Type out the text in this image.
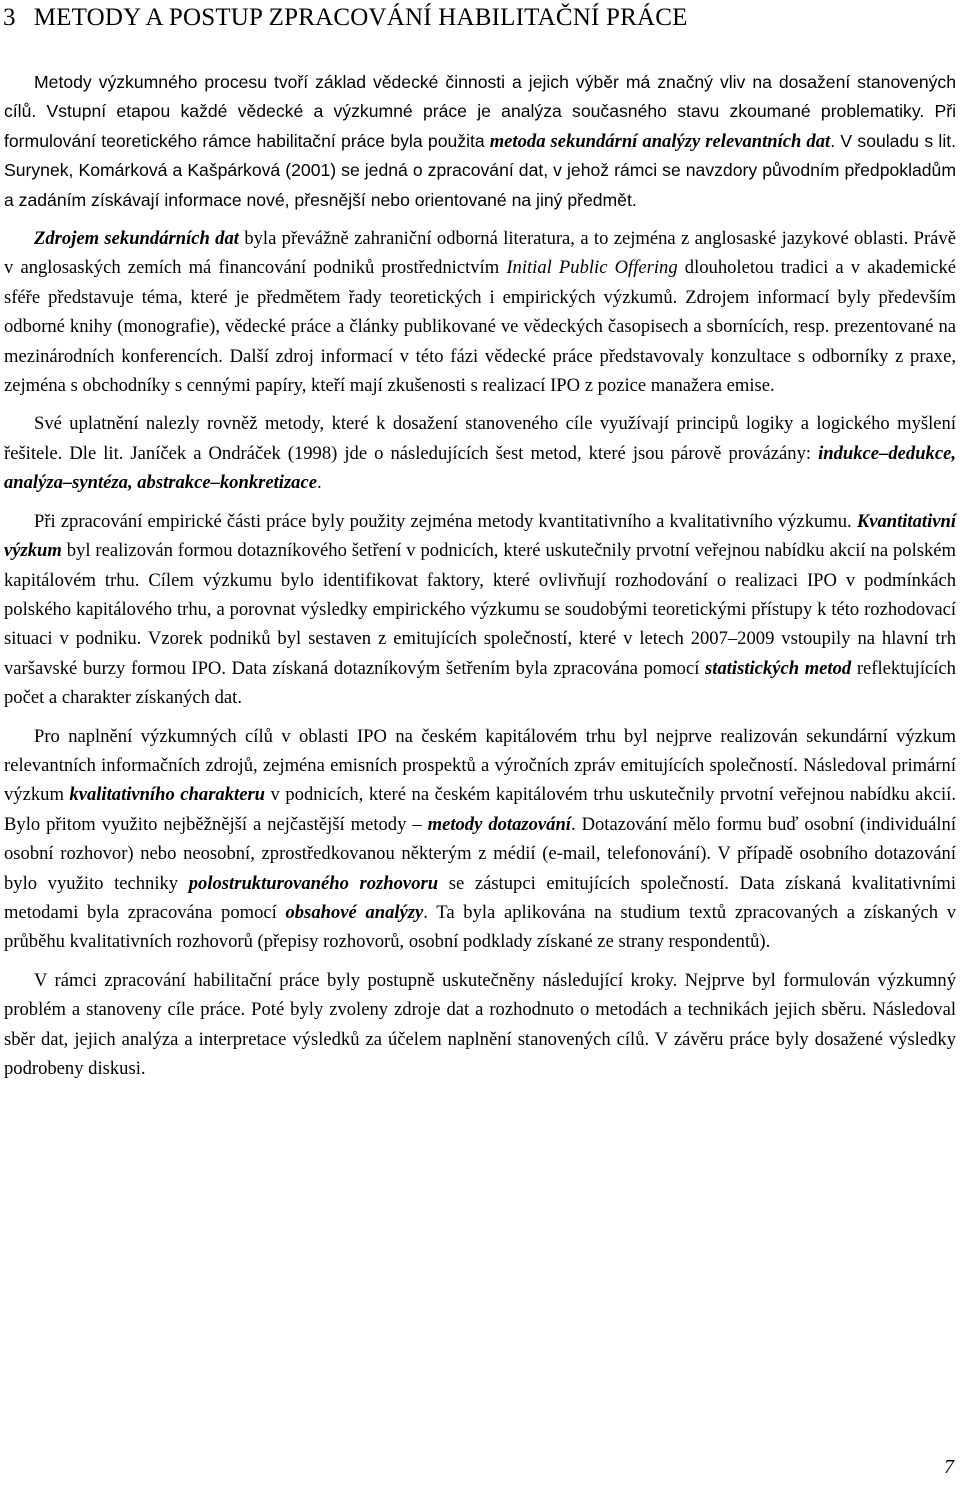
3 METODY A POSTUP ZPRACOVÁNÍ HABILITAČNÍ PRÁCE

Metody výzkumného procesu tvoří základ vědecké činnosti a jejich výběr má značný vliv na dosažení stanovených cílů. Vstupní etapou každé vědecké a výzkumné práce je analýza současného stavu zkoumané problematiky. Při formulování teoretického rámce habilitační práce byla použita metoda sekundární analýzy relevantních dat. V souladu s lit. Surynek, Komárková a Kašpárková (2001) se jedná o zpracování dat, v jehož rámci se navzdory původním předpokladům a zadáním získávají informace nové, přesnější nebo orientované na jiný předmět.

Zdrojem sekundárních dat byla převážně zahraniční odborná literatura, a to zejména z anglosaské jazykové oblasti. Právě v anglosaských zemích má financování podniků prostřednictvím Initial Public Offering dlouholetou tradici a v akademické sféře představuje téma, které je předmětem řady teoretických i empirických výzkumů. Zdrojem informací byly především odborné knihy (monografie), vědecké práce a články publikované ve vědeckých časopisech a sbornících, resp. prezentované na mezinárodních konferencích. Další zdroj informací v této fázi vědecké práce představovaly konzultace s odborníky z praxe, zejména s obchodníky s cennými papíry, kteří mají zkušenosti s realizací IPO z pozice manažera emise.

Své uplatnění nalezly rovněž metody, které k dosažení stanoveného cíle využívají principů logiky a logického myšlení řešitele. Dle lit. Janíček a Ondráček (1998) jde o následujících šest metod, které jsou párově provázány: indukce–dedukce, analýza–syntéza, abstrakce–konkretizace.

Při zpracování empirické části práce byly použity zejména metody kvantitativního a kvalitativního výzkumu. Kvantitativní výzkum byl realizován formou dotazníkového šetření v podnicích, které uskutečnily prvotní veřejnou nabídku akcií na polském kapitálovém trhu. Cílem výzkumu bylo identifikovat faktory, které ovlivňují rozhodování o realizaci IPO v podmínkách polského kapitálového trhu, a porovnat výsledky empirického výzkumu se soudobými teoretickými přístupy k této rozhodovací situaci v podniku. Vzorek podniků byl sestaven z emitujících společností, které v letech 2007–2009 vstoupily na hlavní trh varšavské burzy formou IPO. Data získaná dotazníkovým šetřením byla zpracována pomocí statistických metod reflektujících počet a charakter získaných dat.

Pro naplnění výzkumných cílů v oblasti IPO na českém kapitálovém trhu byl nejprve realizován sekundární výzkum relevantních informačních zdrojů, zejména emisních prospektů a výročních zpráv emitujících společností. Následoval primární výzkum kvalitativního charakteru v podnicích, které na českém kapitálovém trhu uskutečnily prvotní veřejnou nabídku akcií. Bylo přitom využito nejběžnější a nejčastější metody – metody dotazování. Dotazování mělo formu buď osobní (individuální osobní rozhovor) nebo neosobní, zprostředkovanou některým z médií (e-mail, telefonování). V případě osobního dotazování bylo využito techniky polostrukturovaného rozhovoru se zástupci emitujících společností. Data získaná kvalitativními metodami byla zpracována pomocí obsahové analýzy. Ta byla aplikována na studium textů zpracovaných a získaných v průběhu kvalitativních rozhovorů (přepisy rozhovorů, osobní podklady získané ze strany respondentů).

V rámci zpracování habilitační práce byly postupně uskutečněny následující kroky. Nejprve byl formulován výzkumný problém a stanoveny cíle práce. Poté byly zvoleny zdroje dat a rozhodnuto o metodách a technikách jejich sběru. Následoval sběr dat, jejich analýza a interpretace výsledků za účelem naplnění stanovených cílů. V závěru práce byly dosažené výsledky podrobeny diskusi.

7
